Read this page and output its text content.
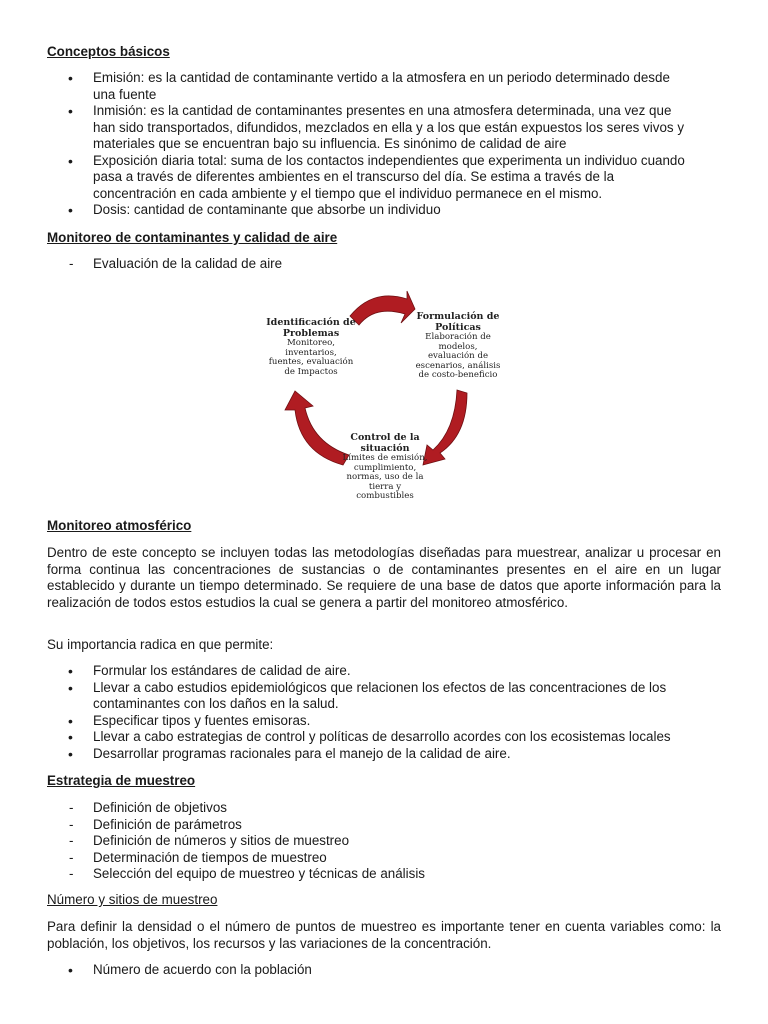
Conceptos básicos

• Emisión: es la cantidad de contaminante vertido a la atmosfera en un periodo determinado desde
una fuente
• Inmisión: es la cantidad de contaminantes presentes en una atmosfera determinada, una vez que
han sido transportados, difundidos, mezclados en ella y a los que están expuestos los seres vivos y
materiales que se encuentran bajo su influencia. Es sinónimo de calidad de aire
• Exposición diaria total: suma de los contactos independientes que experimenta un individuo cuando
pasa a través de diferentes ambientes en el transcurso del día. Se estima a través de la
concentración en cada ambiente y el tiempo que el individuo permanece en el mismo.
• Dosis: cantidad de contaminante que absorbe un individuo

Monitoreo de contaminantes y calidad de aire

- Evaluación de la calidad de aire
Identificación de
Problemas
Monitoreo,
inventarios,
fuentes, evaluación
de Impactos
Formulación de
Políticas
Elaboración de
modelos,
evaluación de
escenarios, análisis
de costo-beneficio
Control de la
situación
Límites de emisión,
cumplimiento,
normas, uso de la
tierra y
combustibles

Monitoreo atmosférico

Dentro de este concepto se incluyen todas las metodologías diseñadas para muestrear, analizar u procesar en forma continua las concentraciones de sustancias o de contaminantes presentes en el aire en un lugar establecido y durante un tiempo determinado. Se requiere de una base de datos que aporte información para la realización de todos estos estudios la cual se genera a partir del monitoreo atmosférico.

Su importancia radica en que permite:

• Formular los estándares de calidad de aire.
• Llevar a cabo estudios epidemiológicos que relacionen los efectos de las concentraciones de los
contaminantes con los daños en la salud.
• Especificar tipos y fuentes emisoras.
• Llevar a cabo estrategias de control y políticas de desarrollo acordes con los ecosistemas locales
• Desarrollar programas racionales para el manejo de la calidad de aire.

Estrategia de muestreo

- Definición de objetivos
- Definición de parámetros
- Definición de números y sitios de muestreo
- Determinación de tiempos de muestreo
- Selección del equipo de muestreo y técnicas de análisis

Número y sitios de muestreo

Para definir la densidad o el número de puntos de muestreo es importante tener en cuenta variables como: la población, los objetivos, los recursos y las variaciones de la concentración.

• Número de acuerdo con la población
